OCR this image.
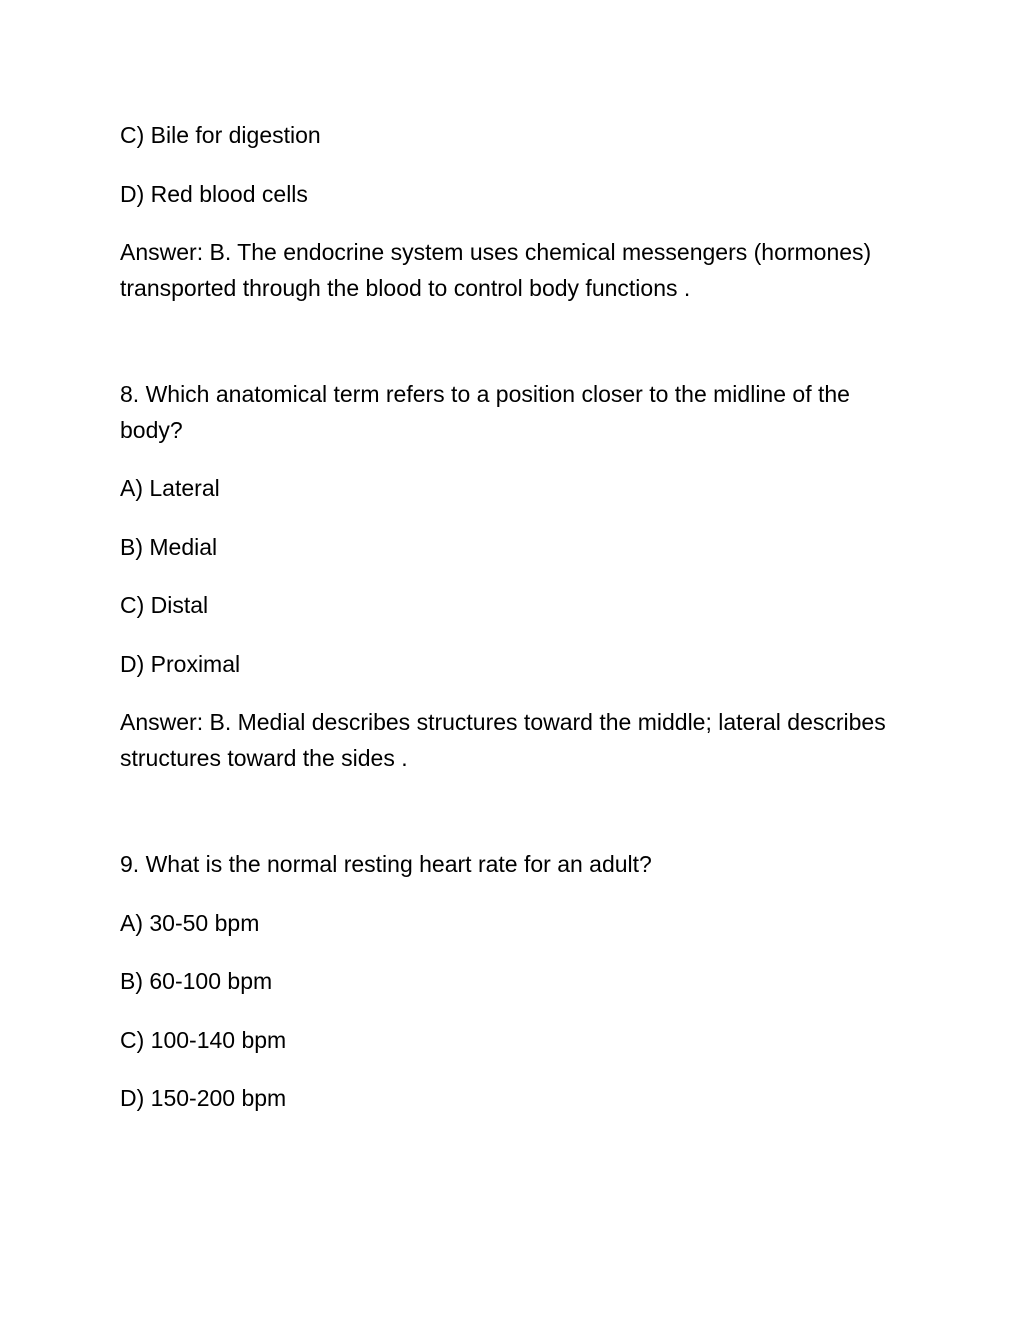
C) Bile for digestion
D) Red blood cells
Answer: B. The endocrine system uses chemical messengers (hormones) transported through the blood to control body functions .
8. Which anatomical term refers to a position closer to the midline of the body?
A) Lateral
B) Medial
C) Distal
D) Proximal
Answer: B. Medial describes structures toward the middle; lateral describes structures toward the sides .
9. What is the normal resting heart rate for an adult?
A) 30-50 bpm
B) 60-100 bpm
C) 100-140 bpm
D) 150-200 bpm
